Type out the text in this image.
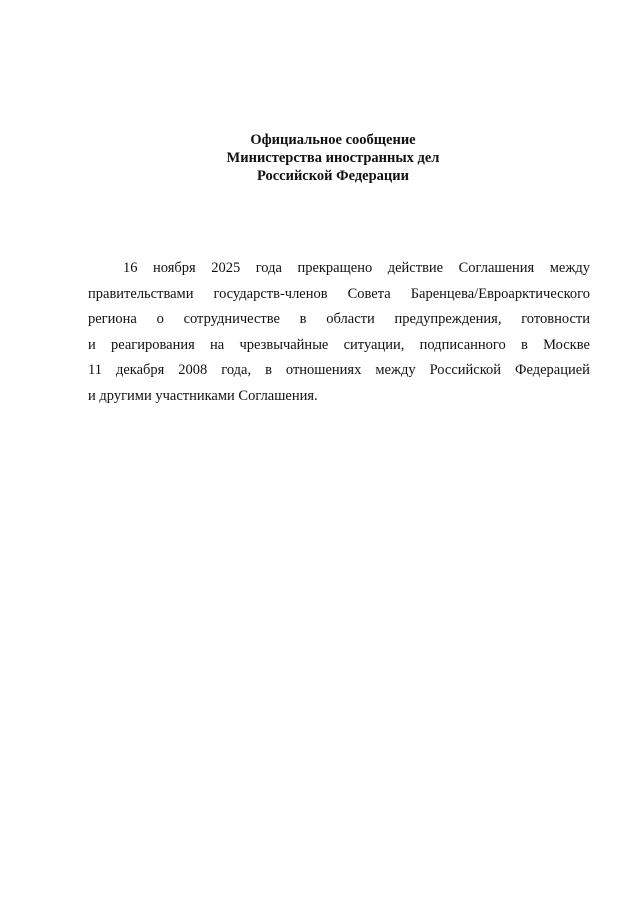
Официальное сообщение
Министерства иностранных дел
Российской Федерации
16 ноября 2025 года прекращено действие Соглашения между
правительствами государств-членов Совета Баренцева/Евроарктического
региона о сотрудничестве в области предупреждения, готовности
и реагирования на чрезвычайные ситуации, подписанного в Москве
11 декабря 2008 года, в отношениях между Российской Федерацией
и другими участниками Соглашения.
